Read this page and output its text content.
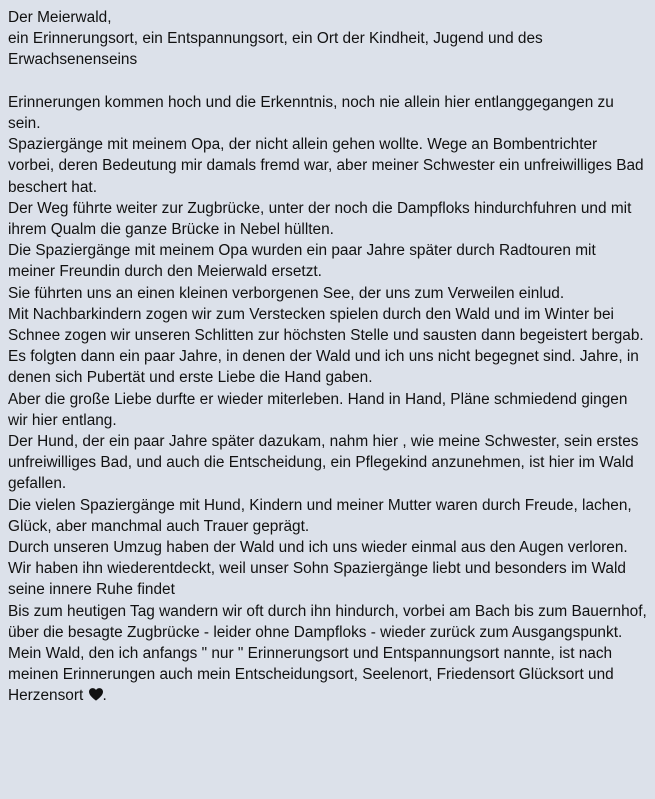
Der Meierwald,

ein Erinnerungsort, ein Entspannungsort, ein Ort der Kindheit, Jugend und des Erwachsenenseins

Erinnerungen kommen hoch und die Erkenntnis, noch nie allein hier entlanggegangen zu sein.

Spaziergänge mit meinem Opa, der nicht allein gehen wollte. Wege an Bombentrichter vorbei, deren Bedeutung mir damals fremd war, aber meiner Schwester ein unfreiwilliges Bad beschert hat.

Der Weg führte weiter zur Zugbrücke, unter der noch die Dampfloks hindurchfuhren und mit ihrem Qualm die ganze Brücke in Nebel hüllten.

Die Spaziergänge mit meinem Opa wurden ein paar Jahre später durch Radtouren mit meiner Freundin durch den Meierwald ersetzt.

Sie führten uns an einen kleinen verborgenen See, der uns zum Verweilen einlud.

Mit Nachbarkindern zogen wir zum Verstecken spielen durch den Wald und im Winter bei Schnee zogen wir unseren Schlitten zur höchsten Stelle und sausten dann begeistert bergab.

Es folgten dann ein paar Jahre, in denen der Wald und ich uns nicht begegnet sind. Jahre, in denen sich Pubertät und erste Liebe die Hand gaben.

Aber die große Liebe durfte er wieder miterleben. Hand in Hand, Pläne schmiedend gingen wir hier entlang.

Der Hund, der ein paar Jahre später dazukam, nahm hier , wie meine Schwester, sein erstes unfreiwilliges Bad, und auch die Entscheidung, ein Pflegekind anzunehmen, ist hier im Wald gefallen.

Die vielen Spaziergänge mit Hund, Kindern und meiner Mutter waren durch Freude, lachen, Glück, aber manchmal auch Trauer geprägt.

Durch unseren Umzug haben der Wald und ich uns wieder einmal aus den Augen verloren.

Wir haben ihn wiederentdeckt, weil unser Sohn Spaziergänge liebt und besonders im Wald seine innere Ruhe findet

Bis zum heutigen Tag wandern wir oft durch ihn hindurch, vorbei am Bach bis zum Bauernhof, über die besagte Zugbrücke - leider ohne Dampfloks - wieder zurück zum Ausgangspunkt.

Mein Wald, den ich anfangs " nur " Erinnerungsort und Entspannungsort nannte, ist nach meinen Erinnerungen auch mein Entscheidungsort, Seelenort, Friedensort Glücksort und Herzensort .
